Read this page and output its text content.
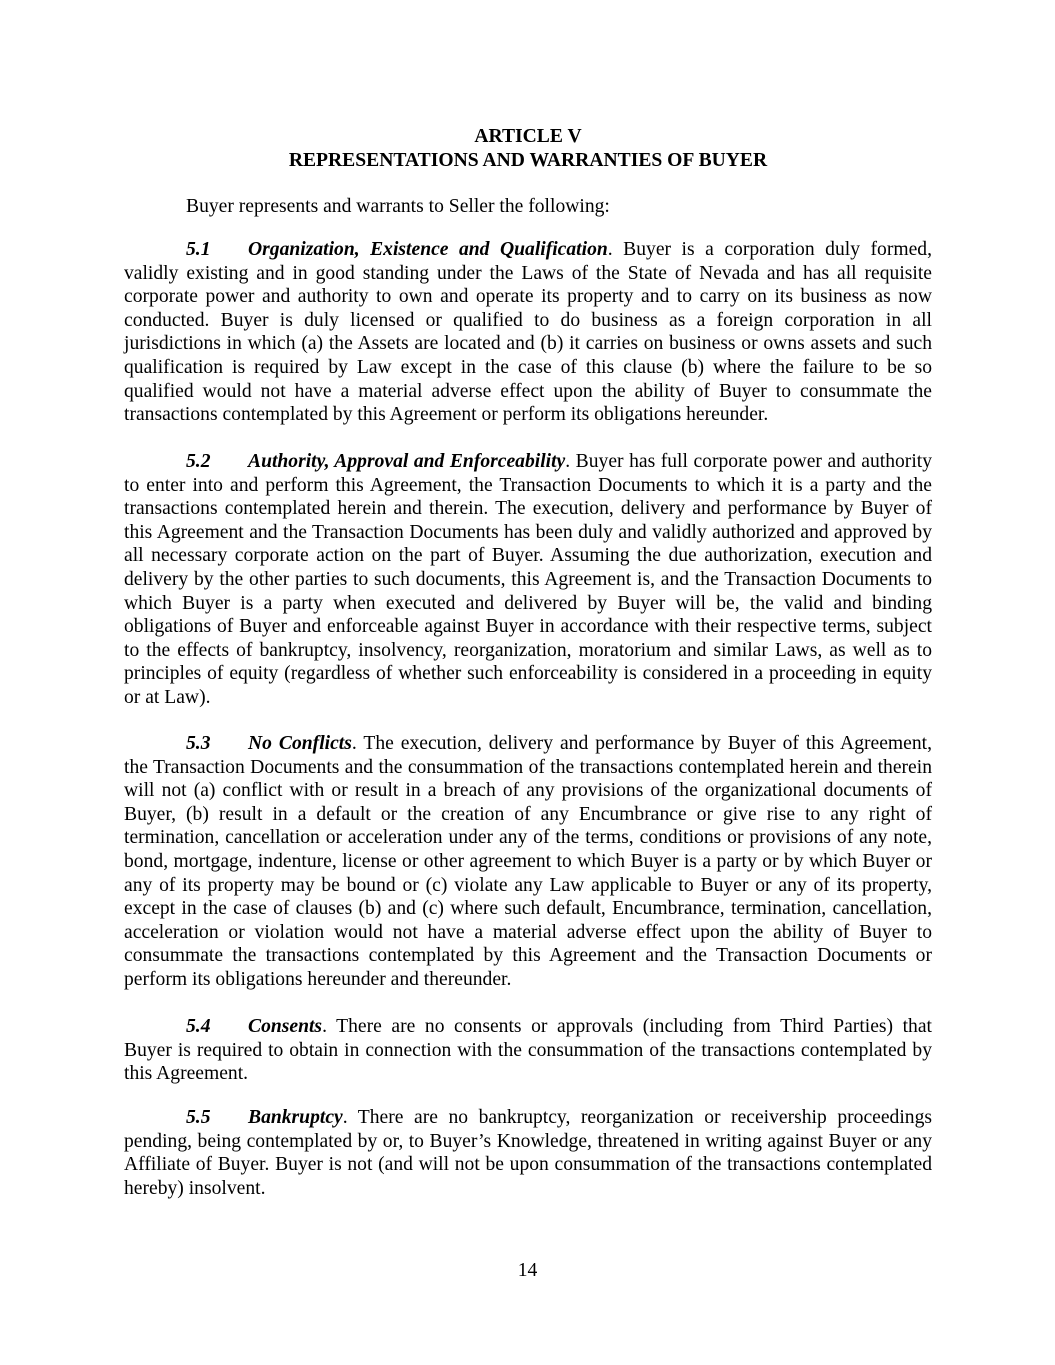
ARTICLE V

REPRESENTATIONS AND WARRANTIES OF BUYER

Buyer represents and warrants to Seller the following:

5.1 Organization, Existence and Qualification. Buyer is a corporation duly formed, validly existing and in good standing under the Laws of the State of Nevada and has all requisite corporate power and authority to own and operate its property and to carry on its business as now conducted. Buyer is duly licensed or qualified to do business as a foreign corporation in all jurisdictions in which (a) the Assets are located and (b) it carries on business or owns assets and such qualification is required by Law except in the case of this clause (b) where the failure to be so qualified would not have a material adverse effect upon the ability of Buyer to consummate the transactions contemplated by this Agreement or perform its obligations hereunder.

5.2 Authority, Approval and Enforceability. Buyer has full corporate power and authority to enter into and perform this Agreement, the Transaction Documents to which it is a party and the transactions contemplated herein and therein. The execution, delivery and performance by Buyer of this Agreement and the Transaction Documents has been duly and validly authorized and approved by all necessary corporate action on the part of Buyer. Assuming the due authorization, execution and delivery by the other parties to such documents, this Agreement is, and the Transaction Documents to which Buyer is a party when executed and delivered by Buyer will be, the valid and binding obligations of Buyer and enforceable against Buyer in accordance with their respective terms, subject to the effects of bankruptcy, insolvency, reorganization, moratorium and similar Laws, as well as to principles of equity (regardless of whether such enforceability is considered in a proceeding in equity or at Law).

5.3 No Conflicts. The execution, delivery and performance by Buyer of this Agreement, the Transaction Documents and the consummation of the transactions contemplated herein and therein will not (a) conflict with or result in a breach of any provisions of the organizational documents of Buyer, (b) result in a default or the creation of any Encumbrance or give rise to any right of termination, cancellation or acceleration under any of the terms, conditions or provisions of any note, bond, mortgage, indenture, license or other agreement to which Buyer is a party or by which Buyer or any of its property may be bound or (c) violate any Law applicable to Buyer or any of its property, except in the case of clauses (b) and (c) where such default, Encumbrance, termination, cancellation, acceleration or violation would not have a material adverse effect upon the ability of Buyer to consummate the transactions contemplated by this Agreement and the Transaction Documents or perform its obligations hereunder and thereunder.

5.4 Consents. There are no consents or approvals (including from Third Parties) that Buyer is required to obtain in connection with the consummation of the transactions contemplated by this Agreement.

5.5 Bankruptcy. There are no bankruptcy, reorganization or receivership proceedings pending, being contemplated by or, to Buyer’s Knowledge, threatened in writing against Buyer or any Affiliate of Buyer. Buyer is not (and will not be upon consummation of the transactions contemplated hereby) insolvent.

14
